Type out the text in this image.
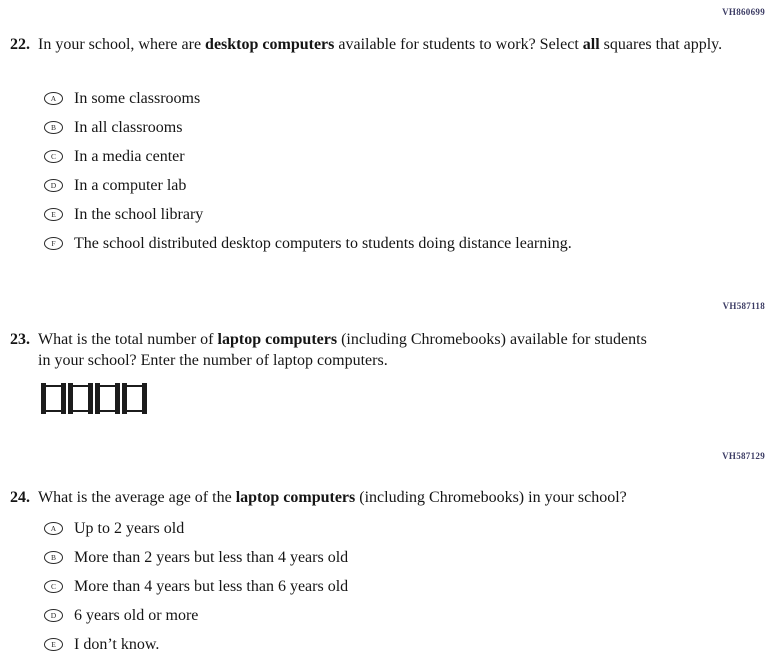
VH860699
22. In your school, where are desktop computers available for students to work? Select all squares that apply.
A	In some classrooms
B	In all classrooms
C	In a media center
D	In a computer lab
E	In the school library
F	The school distributed desktop computers to students doing distance learning.
VH587118
23. What is the total number of laptop computers (including Chromebooks) available for students in your school? Enter the number of laptop computers.
VH587129
24. What is the average age of the laptop computers (including Chromebooks) in your school?
A	Up to 2 years old
B	More than 2 years but less than 4 years old
C	More than 4 years but less than 6 years old
D	6 years old or more
E	I don’t know.
